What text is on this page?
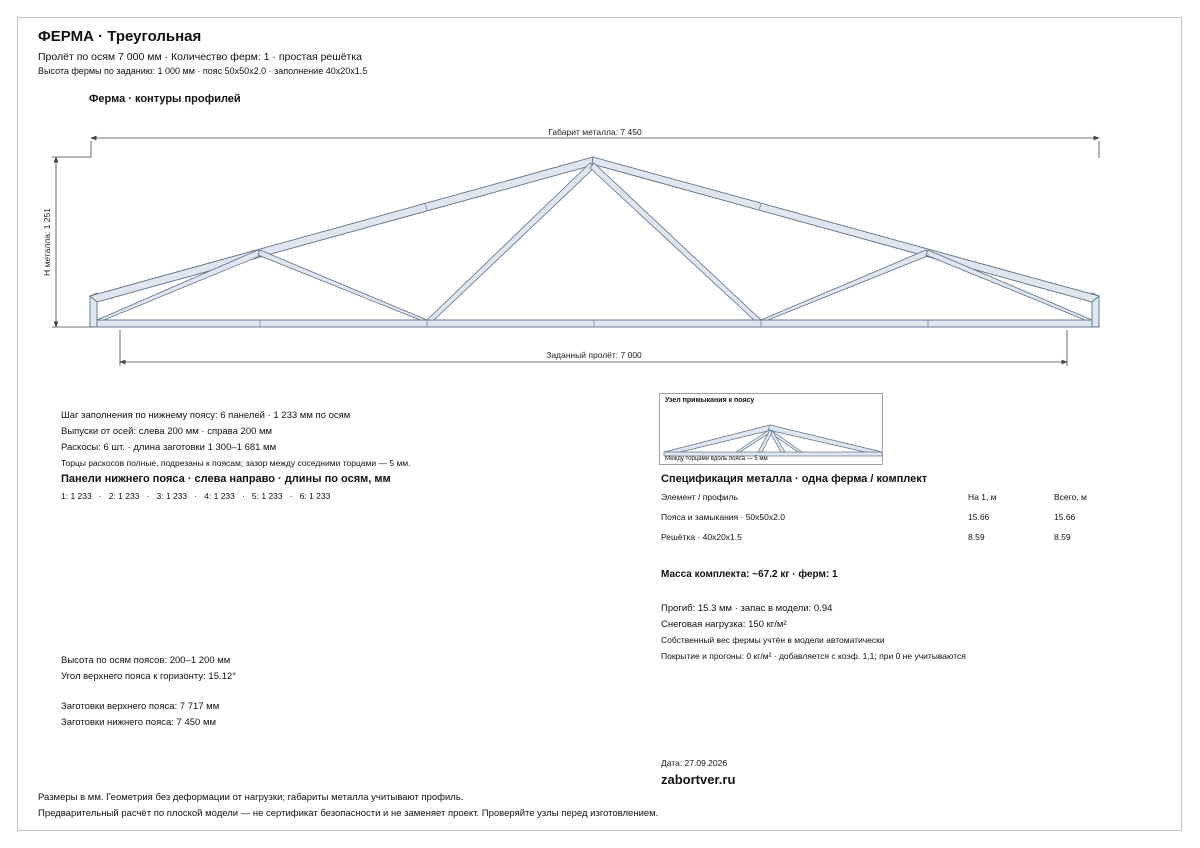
ФЕРМА · Треугольная
Пролёт по осям 7 000 мм · Количество ферм: 1 · простая решётка
Высота фермы по заданию: 1 000 мм · пояс 50х50х2.0 · заполнение 40х20х1.5
Ферма · контуры профилей
Габарит металла: 7 450
Н металла: 1 251
Заданный пролёт: 7 000
Шаг заполнения по нижнему поясу: 6 панелей · 1 233 мм по осям
Выпуски от осей: слева 200 мм · справа 200 мм
Раскосы: 6 шт. · длина заготовки 1 300–1 681 мм
Торцы раскосов полные, подрезаны к поясам; зазор между соседними торцами — 5 мм.
Панели нижнего пояса · слева направо · длины по осям, мм
1: 1 233   ·   2: 1 233   ·   3: 1 233   ·   4: 1 233   ·   5: 1 233   ·   6: 1 233
Высота по осям поясов: 200–1 200 мм
Угол верхнего пояса к горизонту: 15.12°
Заготовки верхнего пояса: 7 717 мм
Заготовки нижнего пояса: 7 450 мм
Узел примыкания к поясу
Между торцами вдоль пояса — 5 мм
Спецификация металла · одна ферма / комплект
Элемент / профиль	На 1, м	Всего, м
Пояса и замыкания · 50х50х2.0	15.66	15.66
Решётка · 40х20х1.5	8.59	8.59
Масса комплекта: ~67.2 кг · ферм: 1
Прогиб: 15.3 мм · запас в модели: 0.94
Снеговая нагрузка: 150 кг/м²
Собственный вес фермы учтён в модели автоматически
Покрытие и прогоны: 0 кг/м² · добавляется с коэф. 1,1; при 0 не учитываются
Дата: 27.09.2026
zabortver.ru
Размеры в мм. Геометрия без деформации от нагрузки; габариты металла учитывают профиль.
Предварительный расчёт по плоской модели — не сертификат безопасности и не заменяет проект. Проверяйте узлы перед изготовлением.
